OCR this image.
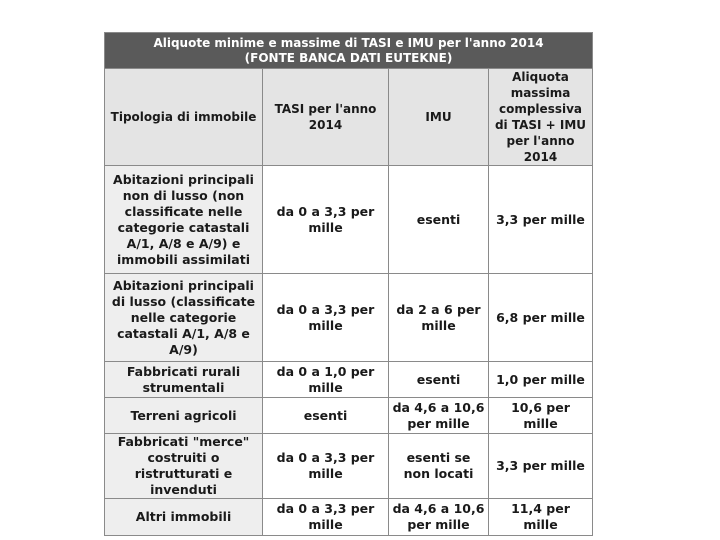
Aliquote minime e massime di TASI e IMU per l'anno 2014
(FONTE BANCA DATI EUTEKNE)			

Tipologia di immobile	TASI per l'anno 2014	IMU	Aliquota massima complessiva di TASI + IMU per l'anno 2014
Abitazioni principali non di lusso (non classificate nelle categorie catastali A/1, A/8 e A/9) e immobili assimilati	da 0 a 3,3 per mille	esenti	3,3 per mille
Abitazioni principali di lusso (classificate nelle categorie catastali A/1, A/8 e A/9)	da 0 a 3,3 per mille	da 2 a 6 per mille	6,8 per mille
Fabbricati rurali strumentali	da 0 a 1,0 per mille	esenti	1,0 per mille
Terreni agricoli	esenti	da 4,6 a 10,6 per mille	10,6 per mille
Fabbricati "merce" costruiti o ristrutturati e invenduti	da 0 a 3,3 per mille	esenti se non locati	3,3 per mille
Altri immobili	da 0 a 3,3 per mille	da 4,6 a 10,6 per mille	11,4 per mille
